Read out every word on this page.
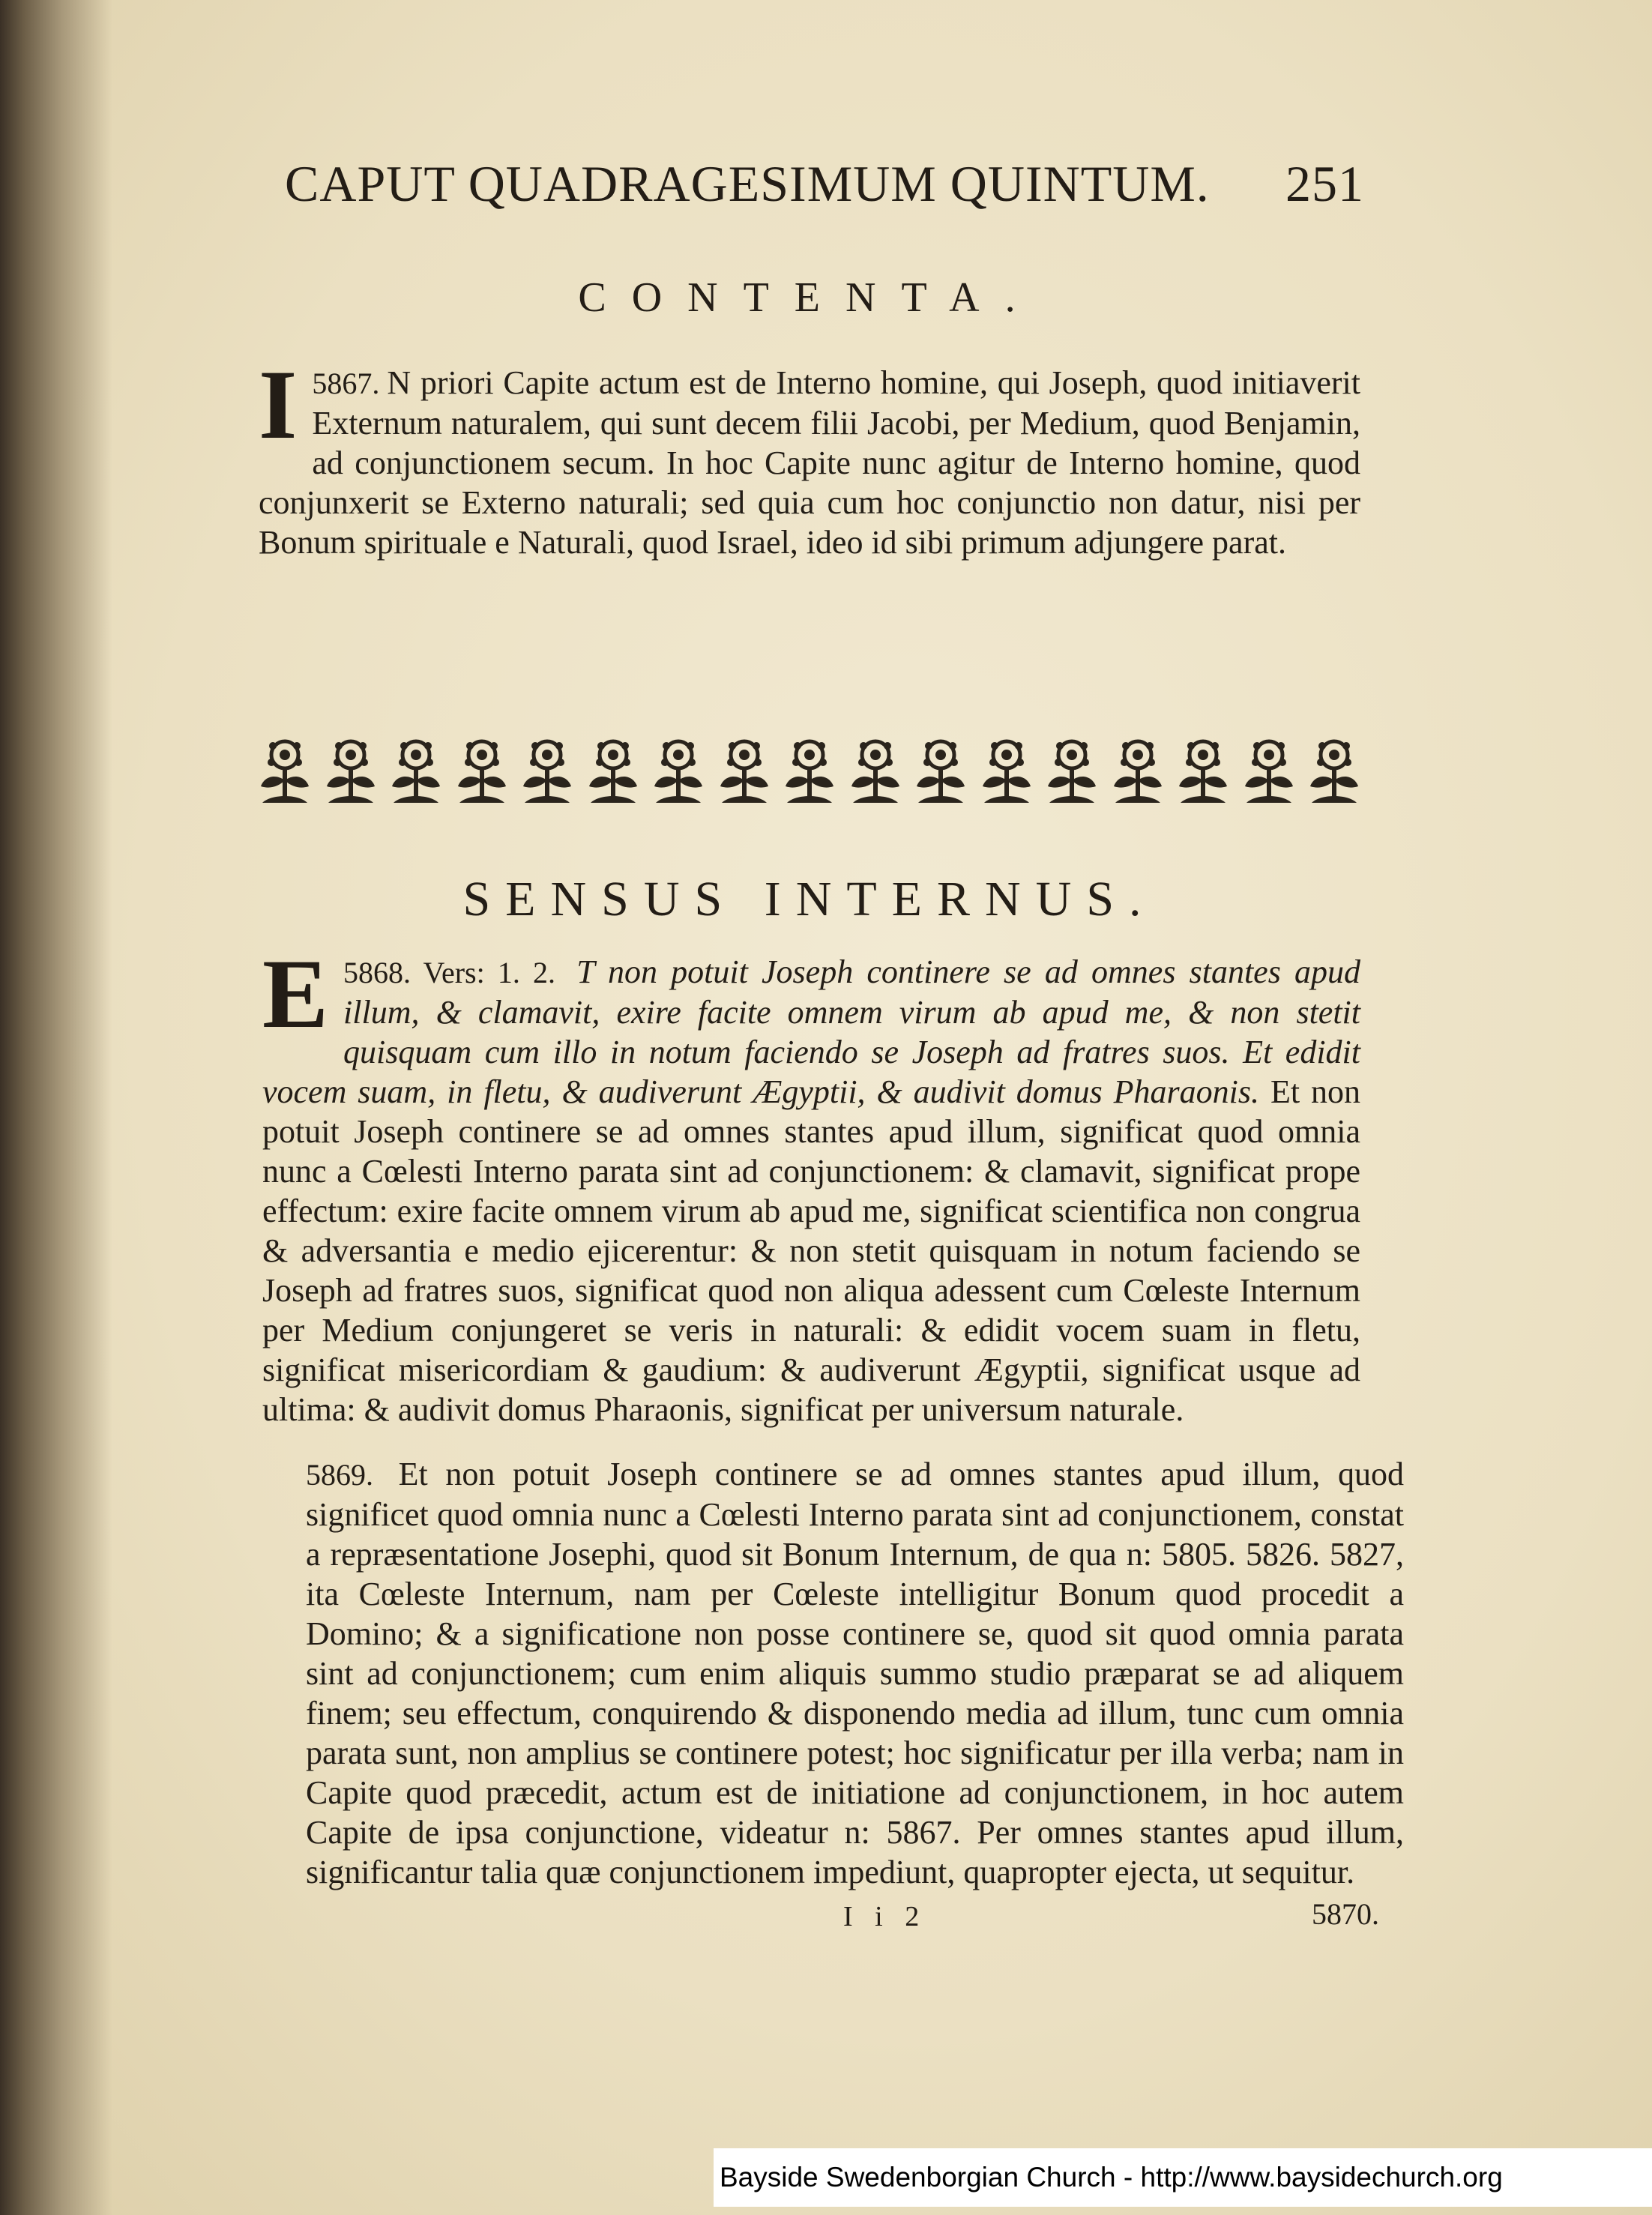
CAPUT QUADRAGESIMUM QUINTUM. 251
CONTENTA.

5867.
I	N priori Capite actum est de Interno homine, qui Joseph, quod initiaverit Externum naturalem, qui sunt decem filii Jacobi, per Medium, quod Benjamin, ad conjunctionem secum. In hoc Capite nunc agitur de Interno homine, quod conjunxerit se Externo naturali; sed quia cum hoc conjunctio non datur, nisi per Bonum spirituale e Naturali, quod Israel, ideo id sibi primum adjungere parat.

SENSUS INTERNUS.

5868. Vers: 1. 2.
E	T non potuit Joseph continere se ad omnes stantes apud illum, & clamavit, exire facite omnem virum ab apud me, & non stetit quisquam cum illo in notum faciendo se Joseph ad fratres suos. Et edidit vocem suam, in fletu, & audiverunt Ægyptii, & audivit domus Pharaonis. Et non potuit Joseph continere se ad omnes stantes apud illum, significat quod omnia nunc a Cœlesti Interno parata sint ad conjunctionem: & clamavit, significat prope effectum: exire facite omnem virum ab apud me, significat scientifica non congrua & adversantia e medio ejicerentur: & non stetit quisquam in notum faciendo se Joseph ad fratres suos, significat quod non aliqua adessent cum Cœleste Internum per Medium conjungeret se veris in naturali: & edidit vocem suam in fletu, significat misericordiam & gaudium: & audiverunt Ægyptii, significat usque ad ultima: & audivit domus Pharaonis, significat per universum naturale.

5869. Et non potuit Joseph continere se ad omnes stantes apud illum, quod significet quod omnia nunc a Cœlesti Interno parata sint ad conjunctionem, constat a repræsentatione Josephi, quod sit Bonum Internum, de qua n: 5805. 5826. 5827, ita Cœleste Internum, nam per Cœleste intelligitur Bonum quod procedit a Domino; & a significatione non posse continere se, quod sit quod omnia parata sint ad conjunctionem; cum enim aliquis summo studio præparat se ad aliquem finem; seu effectum, conquirendo & disponendo media ad illum, tunc cum omnia parata sunt, non amplius se continere potest; hoc significatur per illa verba; nam in Capite quod præcedit, actum est de initiatione ad conjunctionem, in hoc autem Capite de ipsa conjunctione, videatur n: 5867. Per omnes stantes apud illum, significantur talia quæ conjunctionem impediunt, quapropter ejecta, ut sequitur.

I i 2	5870.
Bayside Swedenborgian Church - http://www.baysidechurch.org
